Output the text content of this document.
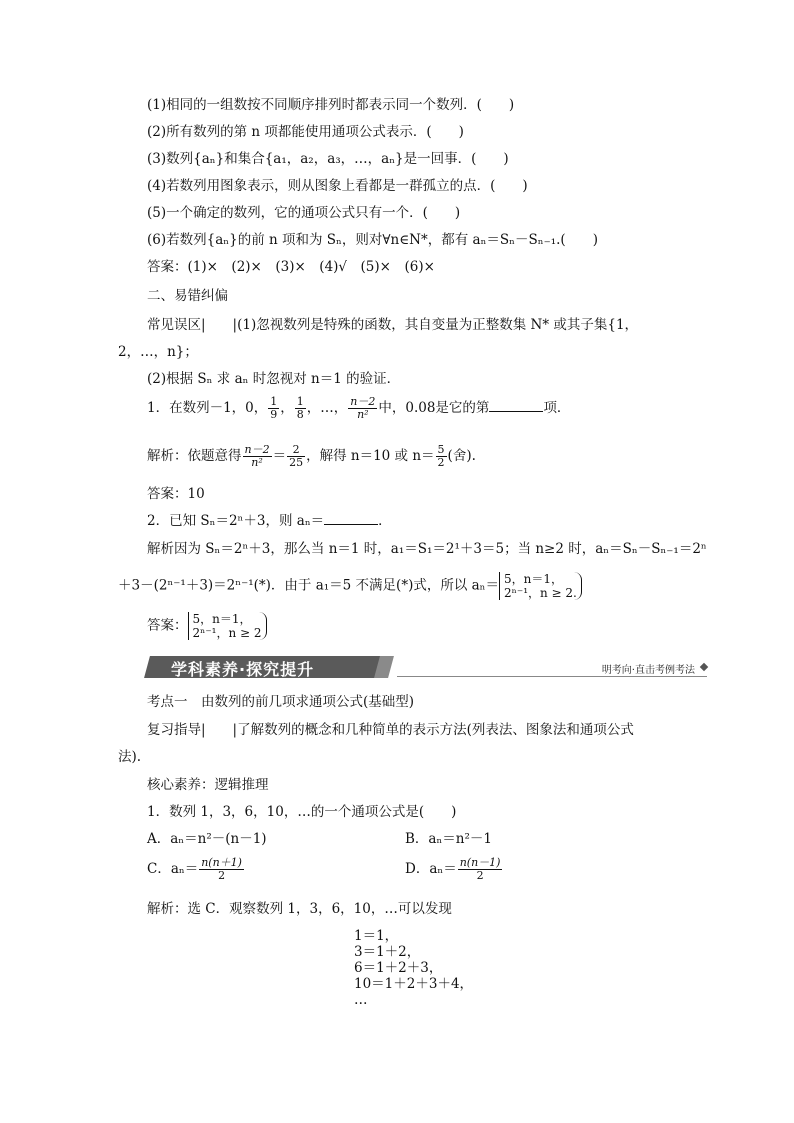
(1)相同的一组数按不同顺序排列时都表示同一个数列．(　　)
(2)所有数列的第 n 项都能使用通项公式表示．(　　)
(3)数列{aₙ}和集合{a₁，a₂，a₃，…，aₙ}是一回事．(　　)
(4)若数列用图象表示，则从图象上看都是一群孤立的点．(　　)
(5)一个确定的数列，它的通项公式只有一个．(　　)
(6)若数列{aₙ}的前 n 项和为 Sₙ，则对∀n∈N*，都有 aₙ＝Sₙ－Sₙ₋₁.(　　)
答案：(1)×　(2)×　(3)×　(4)√　(5)×　(6)×
二、易错纠偏
常见误区|　　|(1)忽视数列是特殊的函数，其自变量为正整数集 N* 或其子集{1，
2，…，n}；
(2)根据 Sₙ 求 aₙ 时忽视对 n＝1 的验证．
1．在数列－1，0， $\frac{1}{9}$ ， $\frac{1}{8}$ ，…， $\frac{n-2}{\text{n²}}$ 中，0.08是它的第	项．
解析：依题意得 $\frac{n-2}{\text{n²}} = \frac{2}{25}$ ，解得 n＝10 或 $n= \frac{5}{2}$ (舍).
答案：10
2．已知 Sₙ＝2ⁿ＋3，则 aₙ＝	．
解析因为 Sₙ＝2ⁿ＋3，那么当 n＝1 时，a₁＝S₁＝2¹＋3＝5；当 n≥2 时，aₙ＝Sₙ－Sₙ₋₁＝2ⁿ
＋3－(2ⁿ⁻¹＋3)＝2ⁿ⁻¹(*)．由于 a₁＝5 不满足(*)式，所以 aₙ＝ 5，n＝1，
2ⁿ⁻¹，n ≥ 2.
答案： 5，n＝1，
2ⁿ⁻¹，n ≥ 2
学科素养·探究提升	明考向·直击考例考法
考点一　由数列的前几项求通项公式(基础型)
复习指导|　　|了解数列的概念和几种简单的表示方法(列表法、图象法和通项公式
法).
核心素养：逻辑推理
1．数列 1，3，6，10，…的一个通项公式是(　　)
A．aₙ＝n²－(n－1)	B．aₙ＝n²－1
C．$a_n= \frac{n(n+1)}{2}$	D．$a_n= \frac{n(n-1)}{2}$
解析：选 C．观察数列 1，3，6，10，…可以发现
1＝1，
3＝1＋2，
6＝1＋2＋3，
10＝1＋2＋3＋4，
…
